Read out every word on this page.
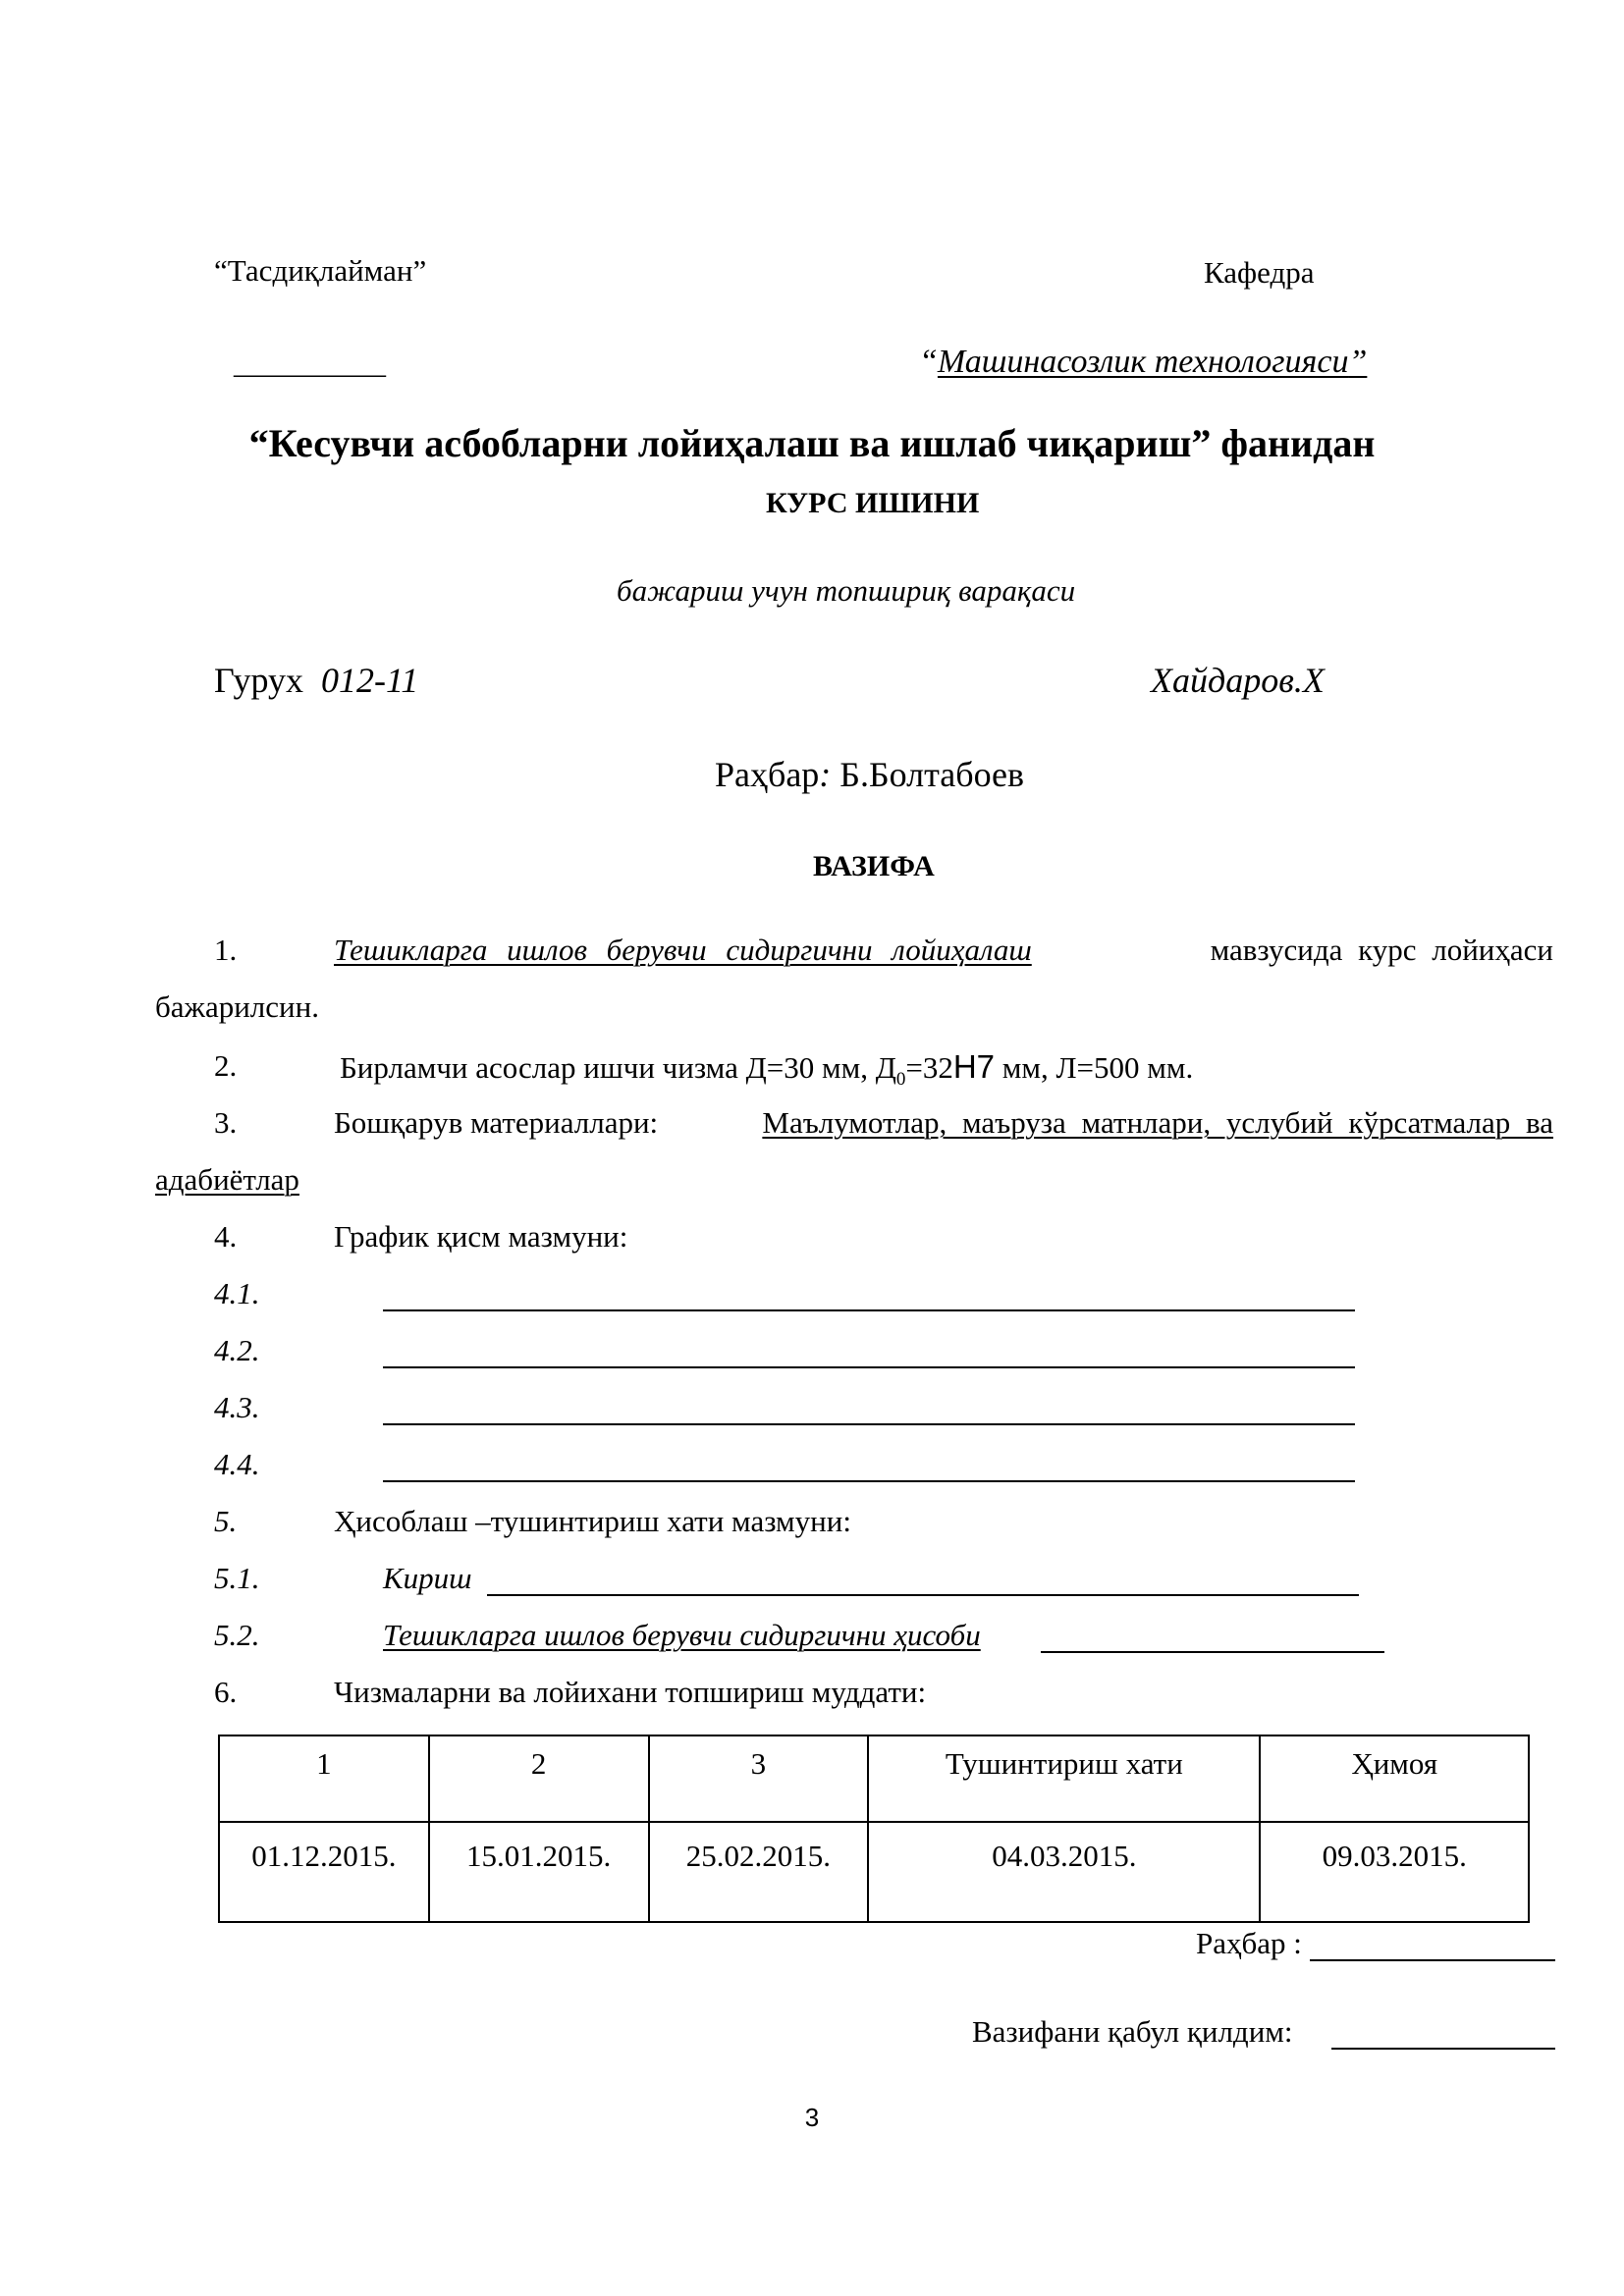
“Тасдиқлайман”	Кафедра
__________	“Машинасозлик технологияси”
“Кесувчи асбобларни лойиҳалаш ва ишлаб чиқариш” фанидан
КУРС ИШИНИ
бажариш учун топшириқ варақаси
Гурух 012-11	Хайдаров.Х
Раҳбар: Б.Болтабоев
ВАЗИФА
1.	Тешикларга ишлов берувчи сидиргични лойиҳалаш	мавзусида курс лойиҳаси
бажарилсин.
2.	Бирламчи асослар ишчи чизма Д=30 мм, $Д_0=32Н7$ мм, Л=500 мм.
3.	Бошқарув материаллари:	Маълумотлар, маъруза матнлари, услубий кўрсатмалар ва
адабиётлар
4.	График қисм мазмуни:
4.1.
4.2.
4.3.
4.4.
5.	Ҳисоблаш –тушинтириш хати мазмуни:
5.1.	Кириш
5.2.	Тешикларга ишлов берувчи сидиргични ҳисоби
6.	Чизмаларни ва лойихани топшириш муддати:
1	2	3	Тушинтириш хати	Ҳимоя
01.12.2015.	15.01.2015.	25.02.2015.	04.03.2015.	09.03.2015.
Раҳбар :
Вазифани қабул қилдим:
3
